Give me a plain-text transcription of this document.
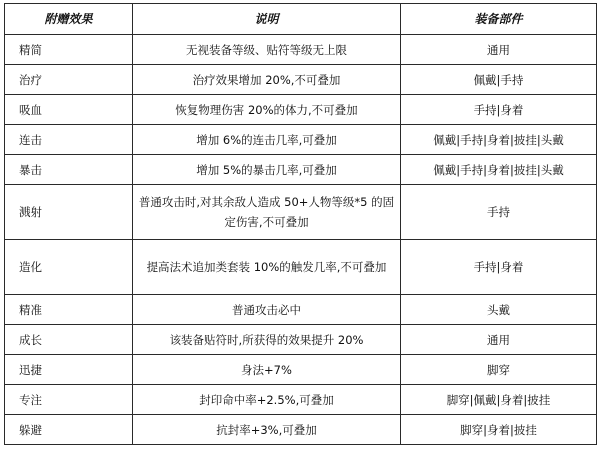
附赠效果	说明	装备部件
精简	无视装备等级、贴符等级无上限	通用
治疗	治疗效果增加 20%,不可叠加	佩戴|手持
吸血	恢复物理伤害 20%的体力,不可叠加	手持|身着
连击	增加 6%的连击几率,可叠加	佩戴|手持|身着|披挂|头戴
暴击	增加 5%的暴击几率,可叠加	佩戴|手持|身着|披挂|头戴
溅射	普通攻击时,对其余敌人造成 50+人物等级*5 的固定伤害,不可叠加	手持
造化	提高法术追加类套装 10%的触发几率,不可叠加	手持|身着
精准	普通攻击必中	头戴
成长	该装备贴符时,所获得的效果提升 20%	通用
迅捷	身法+7%	脚穿
专注	封印命中率+2.5%,可叠加	脚穿|佩戴|身着|披挂
躲避	抗封率+3%,可叠加	脚穿|身着|披挂
